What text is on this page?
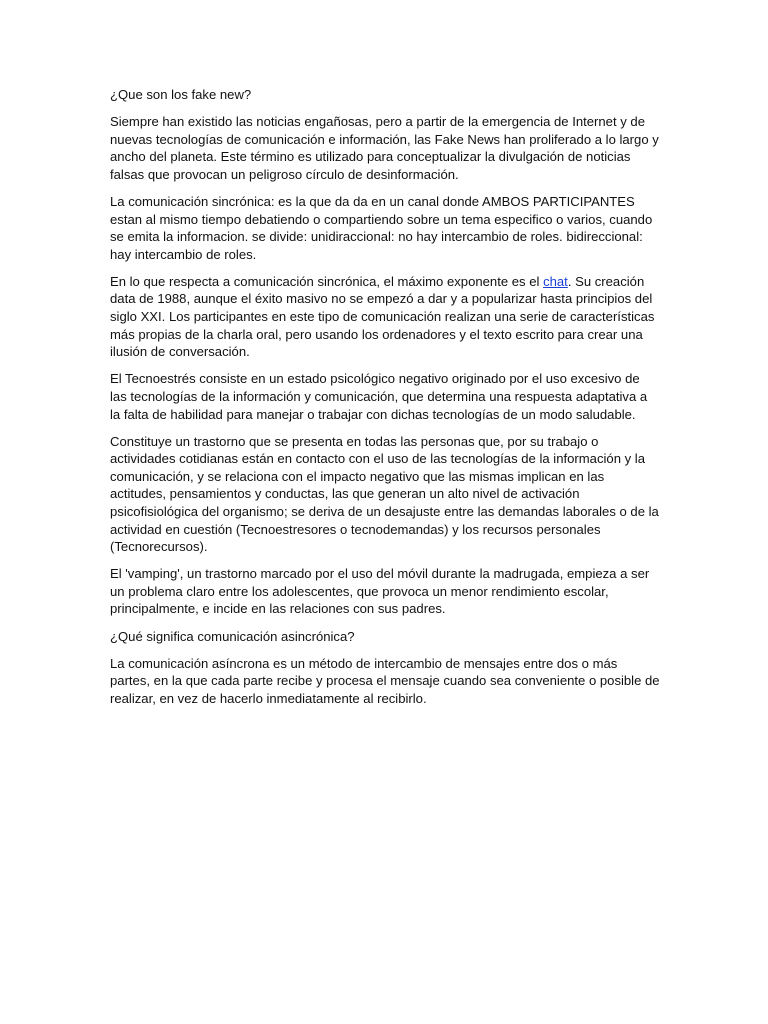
¿Que son los fake new?

Siempre han existido las noticias engañosas, pero a partir de la emergencia de Internet y de nuevas tecnologías de comunicación e información, las Fake News han proliferado a lo largo y ancho del planeta. Este término es utilizado para conceptualizar la divulgación de noticias falsas que provocan un peligroso círculo de desinformación.

La comunicación sincrónica: es la que da da en un canal donde AMBOS PARTICIPANTES estan al mismo tiempo debatiendo o compartiendo sobre un tema especifico o varios, cuando se emita la informacion. se divide: unidiraccional: no hay intercambio de roles. bidireccional: hay intercambio de roles.

En lo que respecta a comunicación sincrónica, el máximo exponente es el chat. Su creación data de 1988, aunque el éxito masivo no se empezó a dar y a popularizar hasta principios del siglo XXI. Los participantes en este tipo de comunicación realizan una serie de características más propias de la charla oral, pero usando los ordenadores y el texto escrito para crear una ilusión de conversación.

El Tecnoestrés consiste en un estado psicológico negativo originado por el uso excesivo de las tecnologías de la información y comunicación, que determina una respuesta adaptativa a la falta de habilidad para manejar o trabajar con dichas tecnologías de un modo saludable.

Constituye un trastorno que se presenta en todas las personas que, por su trabajo o actividades cotidianas están en contacto con el uso de las tecnologías de la información y la comunicación, y se relaciona con el impacto negativo que las mismas implican en las actitudes, pensamientos y conductas, las que generan un alto nivel de activación psicofisiológica del organismo; se deriva de un desajuste entre las demandas laborales o de la actividad en cuestión (Tecnoestresores o tecnodemandas) y los recursos personales (Tecnorecursos).

El 'vamping', un trastorno marcado por el uso del móvil durante la madrugada, empieza a ser un problema claro entre los adolescentes, que provoca un menor rendimiento escolar, principalmente, e incide en las relaciones con sus padres.

¿Qué significa comunicación asincrónica?

La comunicación asíncrona es un método de intercambio de mensajes entre dos o más partes, en la que cada parte recibe y procesa el mensaje cuando sea conveniente o posible de realizar, en vez de hacerlo inmediatamente al recibirlo.
